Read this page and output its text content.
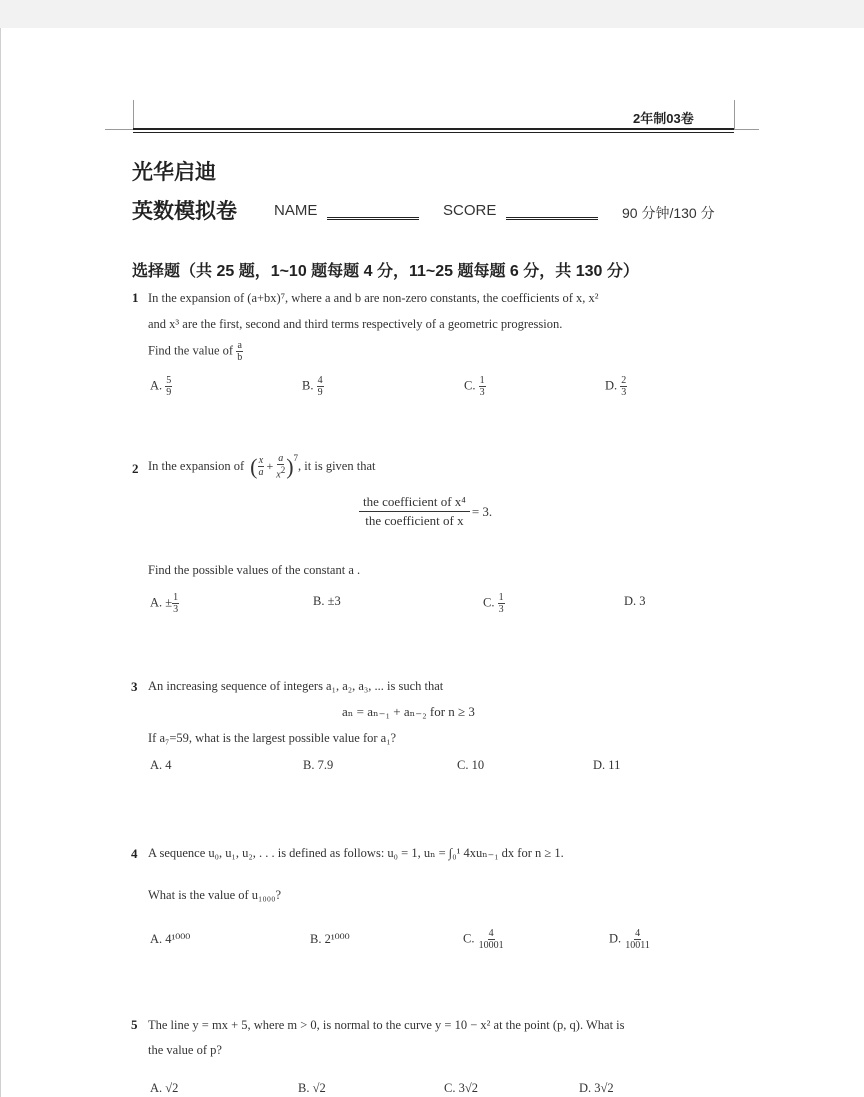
2年制03卷
光华启迪
英数模拟卷 NAME	SCORE	90 分钟/130 分
选择题（共 25 题，1~10 题每题 4 分，11~25 题每题 6 分，共 130 分）
1 In the expansion of (a+bx)⁷, where a and b are non-zero constants, the coefficients of x, x²
and x³ are the first, second and third terms respectively of a geometric progression.
Find the value of $\frac{a}{b}$
A. $\frac{5}{9}$	B. $\frac{4}{9}$	C. $\frac{1}{3}$	D. $\frac{2}{3}$
2 In the expansion of ( $\frac{x}{a} + \frac{a}{x^2} )^7$
, it is given that
the coefficient of x⁴
the coefficient of x
= 3.
Find the possible values of the constant a .
A. ± $\frac{1}{3}$	B. ±3	C. $\frac{1}{3}$	D. 3
3 An increasing sequence of integers a₁, a₂, a₃, ... is such that
aₙ = aₙ₋₁ + aₙ₋₂ for n ≥ 3
If a₇=59, what is the largest possible value for a₁?
A. 4	B. 7.9	C. 10	D. 11
4 A sequence u₀, u₁, u₂, . . . is defined as follows: u₀ = 1, uₙ = ∫₀¹ 4xuₙ₋₁ dx for n ≥ 1.
What is the value of u₁₀₀₀?
A. 4¹⁰⁰⁰	B. 2¹⁰⁰⁰	C. $\frac{4}{10001}$	D. $\frac{4}{10011}$
5 The line y = mx + 5, where m > 0, is normal to the curve y = 10 − x² at the point (p, q). What is
the value of p?
A. √2	B. √2	C. 3√2	D. 3√2
